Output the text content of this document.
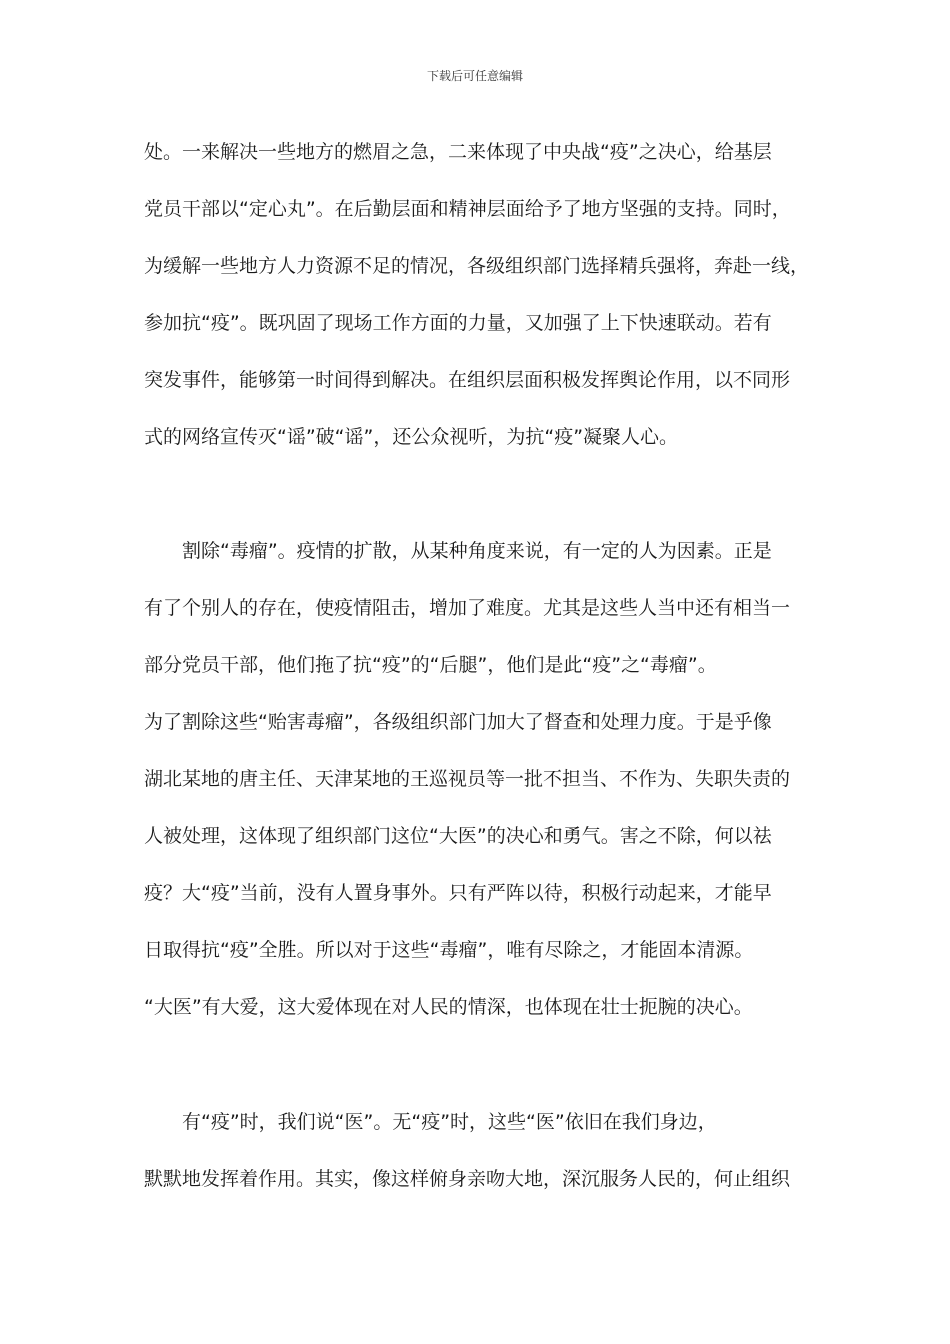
下载后可任意编辑
处。一来解决一些地方的燃眉之急，二来体现了中央战“疫”之决心，给基层
党员干部以“定心丸”。在后勤层面和精神层面给予了地方坚强的支持。同时，
为缓解一些地方人力资源不足的情况，各级组织部门选择精兵强将，奔赴一线，
参加抗“疫”。既巩固了现场工作方面的力量，又加强了上下快速联动。若有
突发事件，能够第一时间得到解决。在组织层面积极发挥舆论作用，以不同形
式的网络宣传灭“谣”破“谣”，还公众视听，为抗“疫”凝聚人心。
　　割除“毒瘤”。疫情的扩散，从某种角度来说，有一定的人为因素。正是
有了个别人的存在，使疫情阻击，增加了难度。尤其是这些人当中还有相当一
部分党员干部，他们拖了抗“疫”的“后腿”，他们是此“疫”之“毒瘤”。
为了割除这些“贻害毒瘤”，各级组织部门加大了督查和处理力度。于是乎像
湖北某地的唐主任、天津某地的王巡视员等一批不担当、不作为、失职失责的
人被处理，这体现了组织部门这位“大医”的决心和勇气。害之不除，何以祛
疫？大“疫”当前，没有人置身事外。只有严阵以待，积极行动起来，才能早
日取得抗“疫”全胜。所以对于这些“毒瘤”，唯有尽除之，才能固本清源。
“大医”有大爱，这大爱体现在对人民的情深，也体现在壮士扼腕的决心。
　　有“疫”时，我们说“医”。无“疫”时，这些“医”依旧在我们身边，
默默地发挥着作用。其实，像这样俯身亲吻大地，深沉服务人民的，何止组织
